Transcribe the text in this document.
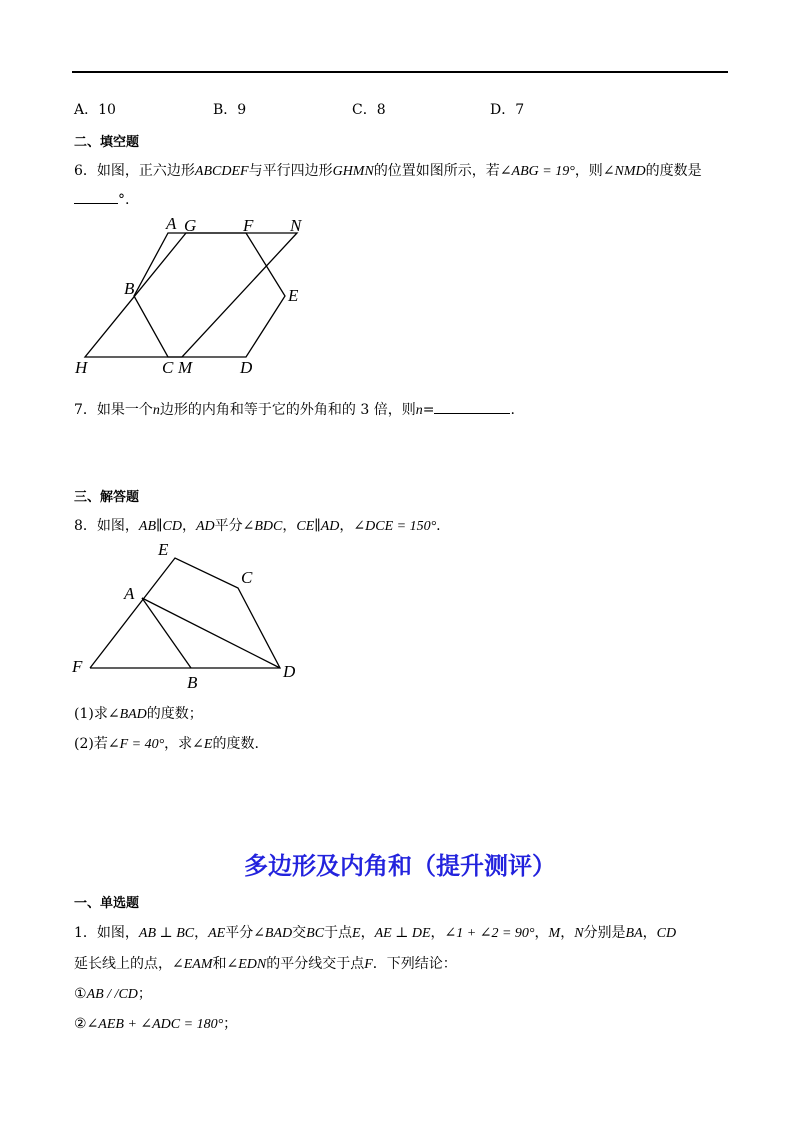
A．10	B．9	C．8	D．7
二、填空题
6．如图，正六边形ABCDEF与平行四边形GHMN的位置如图所示，若∠ABG = 19°，则∠NMD的度数是
°.
A G	F N
B	E
H	C M	D
7．如果一个n边形的内角和等于它的外角和的 3 倍，则n=	.
三、解答题
8．如图，AB∥CD，AD平分∠BDC，CE∥AD，∠DCE = 150°.
E
C
A
F
B
D
(1)求∠BAD的度数；
(2)若∠F = 40°，求∠E的度数.
多边形及内角和（提升测评）
一、单选题
1．如图，AB ⊥ BC，AE平分∠BAD交BC于点E，AE ⊥ DE，∠1 + ∠2 = 90°，M，N分别是BA，CD
延长线上的点，∠EAM和∠EDN的平分线交于点F．下列结论：
①AB / /CD；
②∠AEB + ∠ADC = 180°；
